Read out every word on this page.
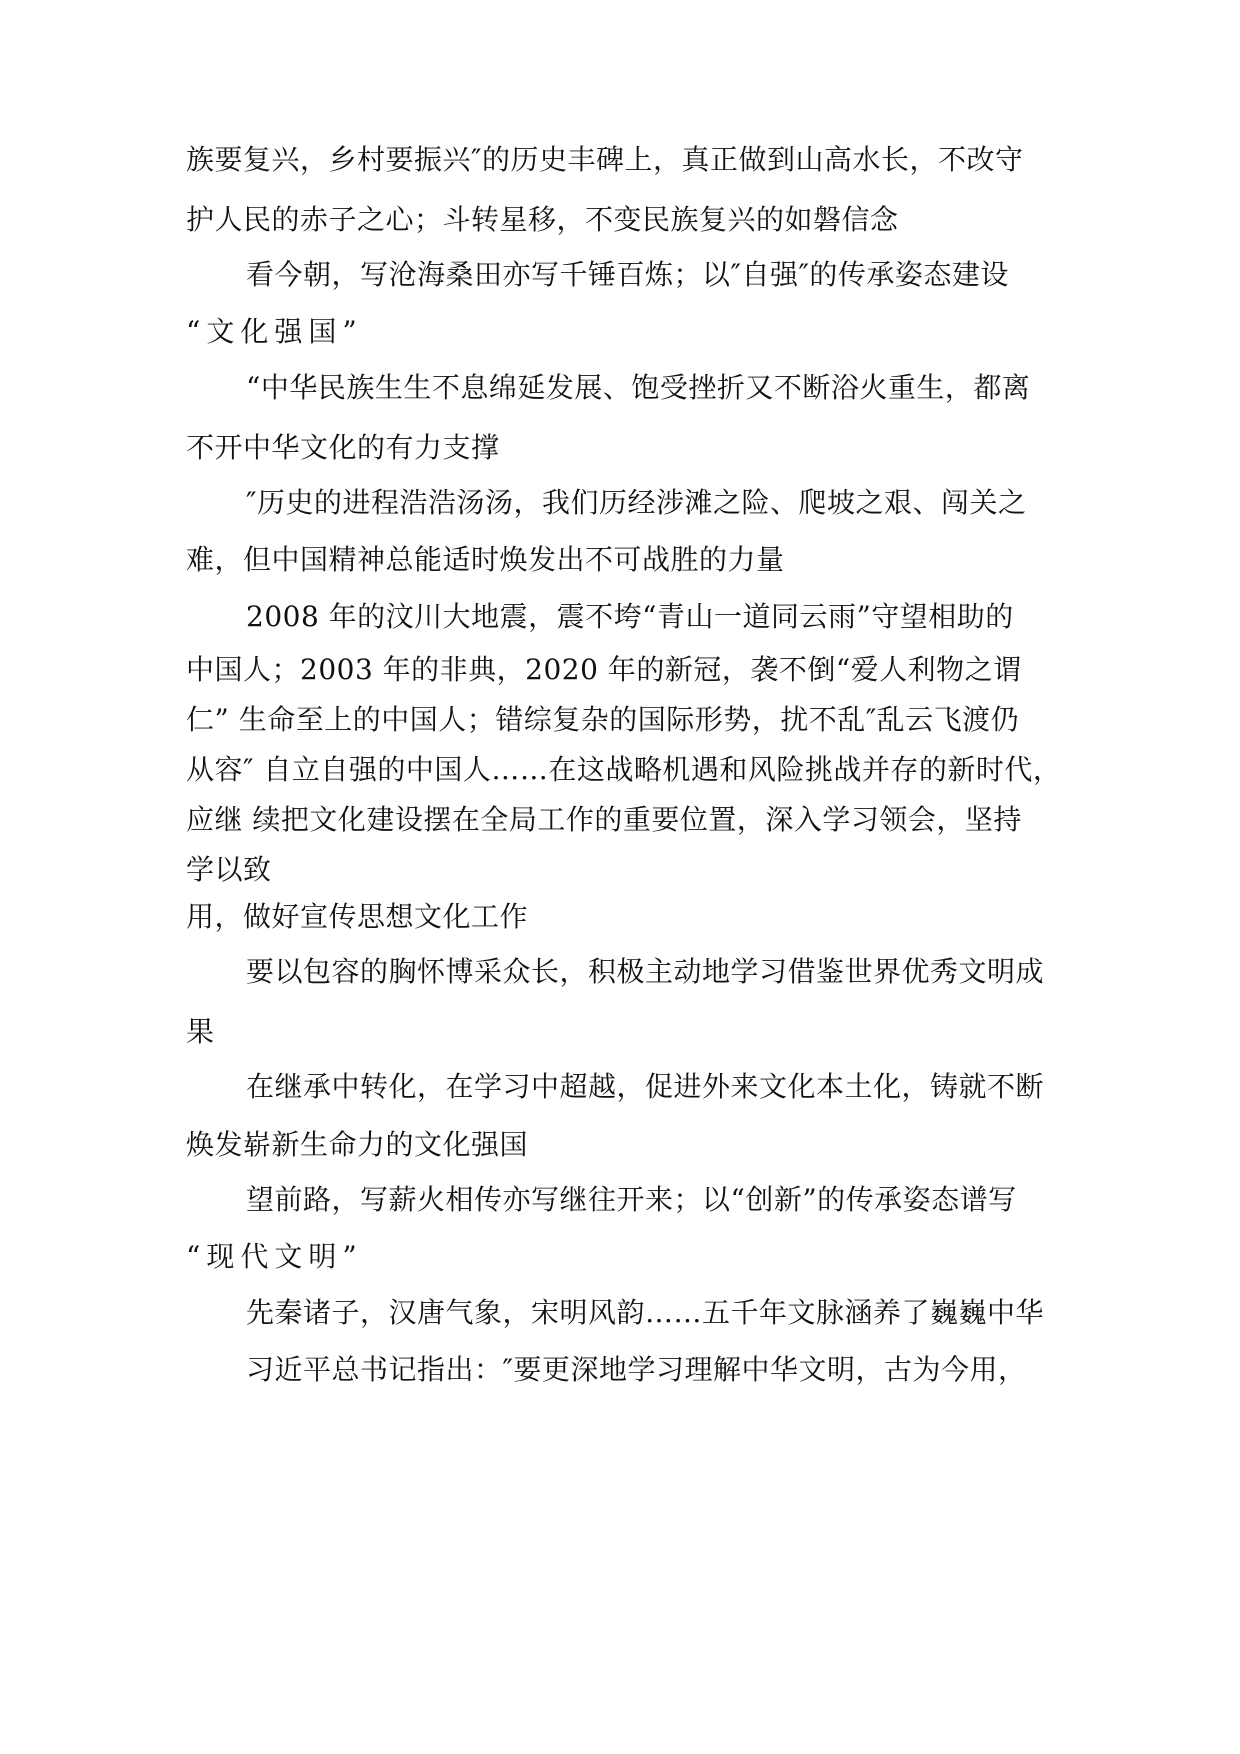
族要复兴，乡村要振兴″的历史丰碑上，真正做到山高水长，不改守

护人民的赤子之心；斗转星移，不变民族复兴的如磐信念

看今朝，写沧海桑田亦写千锤百炼；以″自强″的传承姿态建设

“文化强国”

“中华民族生生不息绵延发展、饱受挫折又不断浴火重生，都离

不开中华文化的有力支撑

″历史的进程浩浩汤汤，我们历经涉滩之险、爬坡之艰、闯关之

难，但中国精神总能适时焕发出不可战胜的力量

2008 年的汶川大地震，震不垮“青山一道同云雨”守望相助的

中国人；2003 年的非典，2020 年的新冠，袭不倒“爱人利物之谓

仁” 生命至上的中国人；错综复杂的国际形势，扰不乱″乱云飞渡仍

从容″ 自立自强的中国人……在这战略机遇和风险挑战并存的新时代，

应继 续把文化建设摆在全局工作的重要位置，深入学习领会，坚持

学以致

用，做好宣传思想文化工作

要以包容的胸怀博采众长，积极主动地学习借鉴世界优秀文明成

果

在继承中转化，在学习中超越，促进外来文化本土化，铸就不断

焕发崭新生命力的文化强国

望前路，写薪火相传亦写继往开来；以“创新”的传承姿态谱写

“现代文明”

先秦诸子，汉唐气象，宋明风韵……五千年文脉涵养了巍巍中华

习近平总书记指出：″要更深地学习理解中华文明，古为今用，
